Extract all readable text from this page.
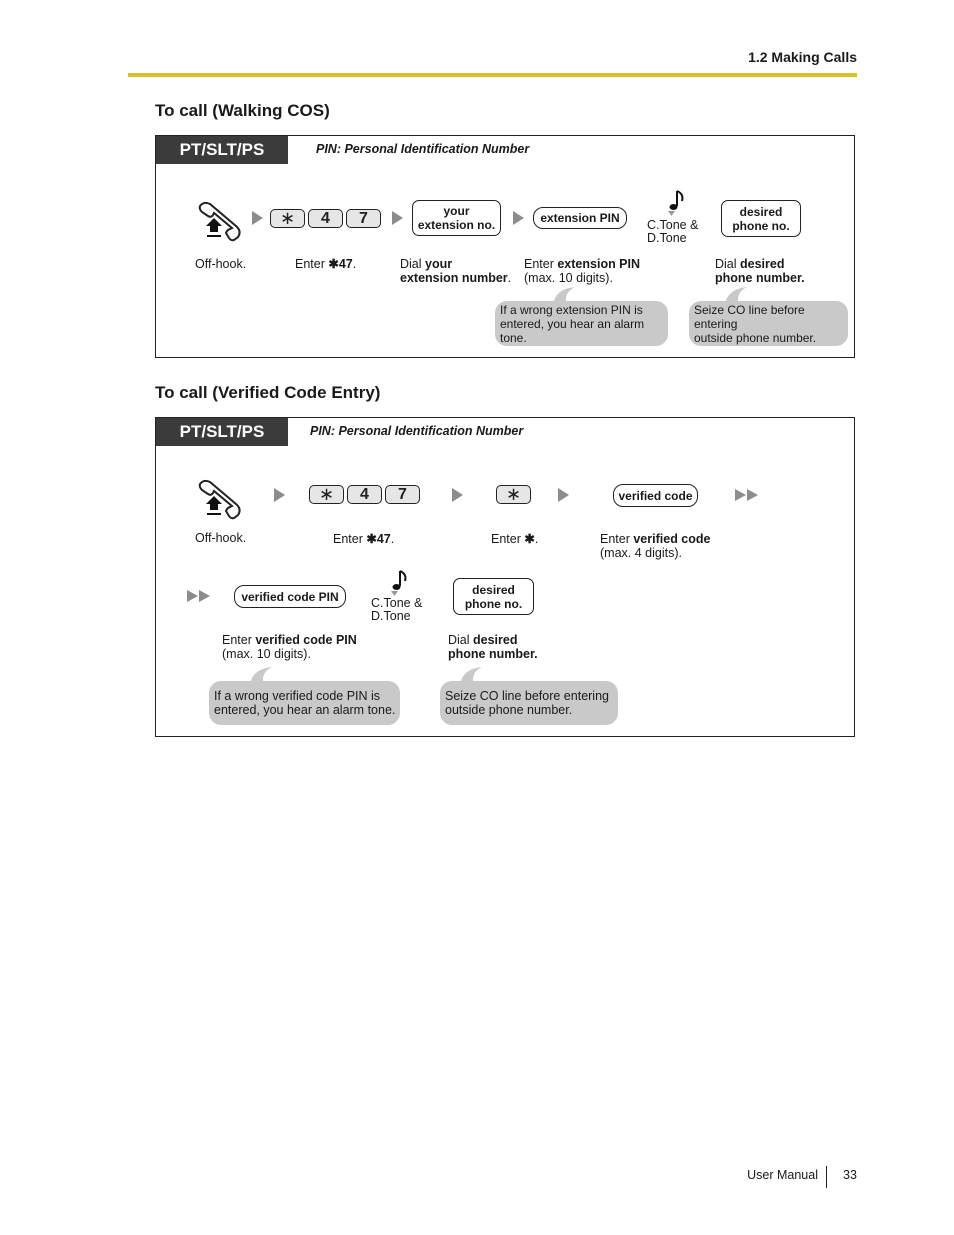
1.2 Making Calls
To call (Walking COS)
PT/SLT/PS	PIN: Personal Identification Number
∗	4	7	your
extension no.	extension PIN	C.Tone &
D.Tone
desired
phone no.
Off-hook.	Enter ✱47.	Dial your
extension number.
Enter extension PIN
(max. 10 digits).
Dial desired
phone number.
If a wrong extension PIN is
entered, you hear an alarm tone.
Seize CO line before entering
outside phone number.
To call (Verified Code Entry)
PT/SLT/PS	PIN: Personal Identification Number
∗	4	7	∗	verified code
Off-hook.	Enter ✱47.	Enter ✱.	Enter verified code
(max. 4 digits).
verified code PIN	C.Tone &
D.Tone
desired
phone no.
Enter verified code PIN
(max. 10 digits).
Dial desired
phone number.
If a wrong verified code PIN is
entered, you hear an alarm tone.
Seize CO line before entering
outside phone number.
User Manual 33
